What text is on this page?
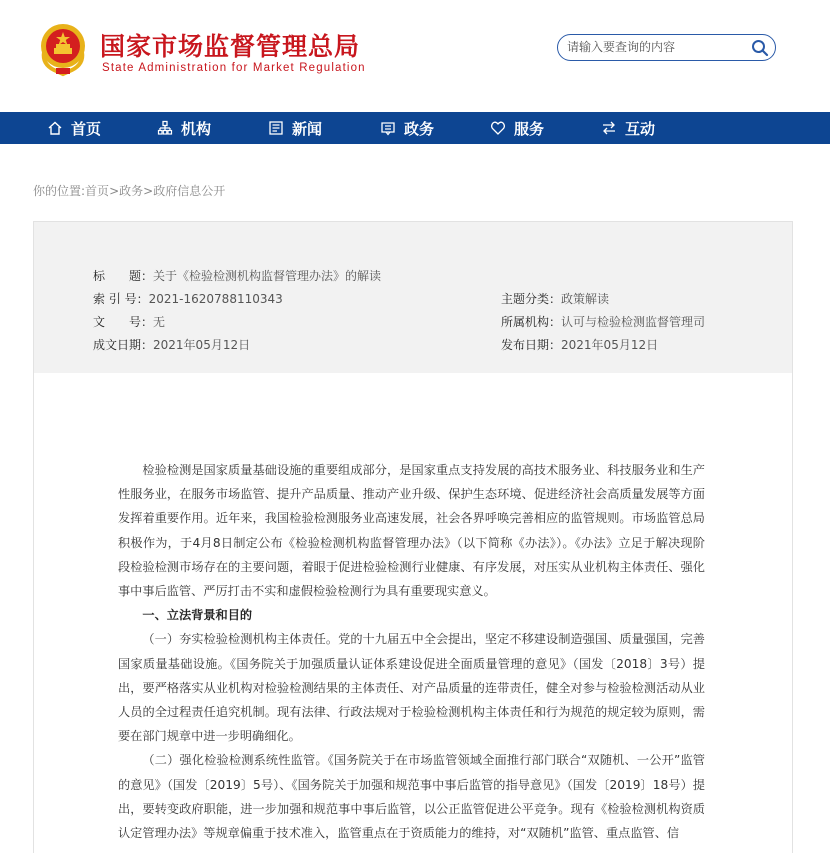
国家市场监督管理总局
State Administration for Market Regulation
请输入要查询的内容
首页	机构	新闻	政务	服务	互动
你的位置:首页>政务>政府信息公开
标　　题：关于《检验检测机构监督管理办法》的解读
索 引 号：2021-1620788110343
文　　号：无
成文日期：2021年05月12日
主题分类：政策解读
所属机构：认可与检验检测监督管理司
发布日期：2021年05月12日

检验检测是国家质量基础设施的重要组成部分，是国家重点支持发展的高技术服务业、科技服务业和生产性服务业，在服务市场监管、提升产品质量、推动产业升级、保护生态环境、促进经济社会高质量发展等方面发挥着重要作用。近年来，我国检验检测服务业高速发展，社会各界呼唤完善相应的监管规则。市场监管总局积极作为，于4月8日制定公布《检验检测机构监督管理办法》（以下简称《办法》）。《办法》立足于解决现阶段检验检测市场存在的主要问题，着眼于促进检验检测行业健康、有序发展，对压实从业机构主体责任、强化事中事后监管、严厉打击不实和虚假检验检测行为具有重要现实意义。

一、立法背景和目的

（一）夯实检验检测机构主体责任。党的十九届五中全会提出，坚定不移建设制造强国、质量强国，完善国家质量基础设施。《国务院关于加强质量认证体系建设促进全面质量管理的意见》（国发〔2018〕3号）提出，要严格落实从业机构对检验检测结果的主体责任、对产品质量的连带责任，健全对参与检验检测活动从业人员的全过程责任追究机制。现有法律、行政法规对于检验检测机构主体责任和行为规范的规定较为原则，需要在部门规章中进一步明确细化。

（二）强化检验检测系统性监管。《国务院关于在市场监管领域全面推行部门联合“双随机、一公开”监管的意见》（国发〔2019〕5号）、《国务院关于加强和规范事中事后监管的指导意见》（国发〔2019〕18号）提出，要转变政府职能，进一步加强和规范事中事后监管，以公正监管促进公平竞争。现有《检验检测机构资质认定管理办法》等规章偏重于技术准入，监管重点在于资质能力的维持，对“双随机”监管、重点监管、信
